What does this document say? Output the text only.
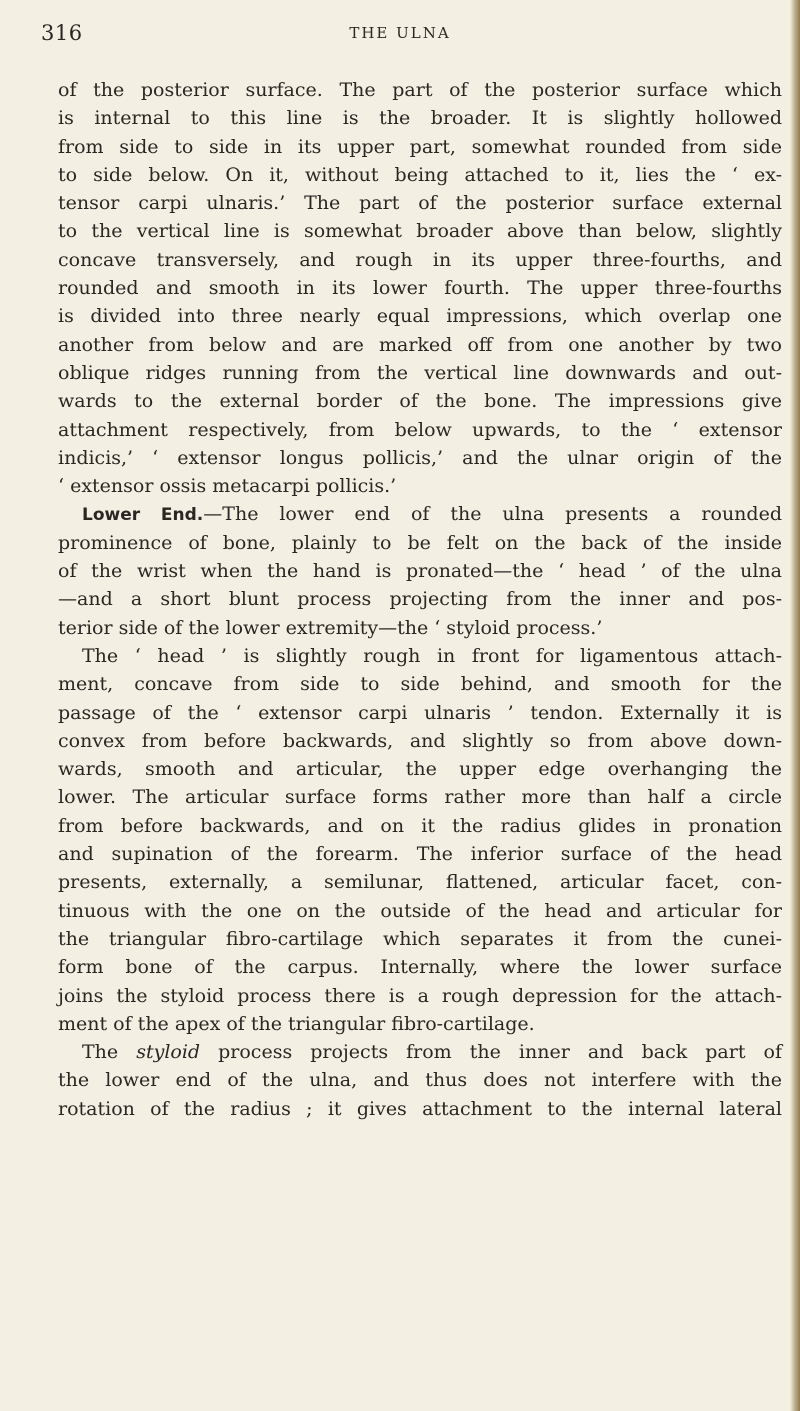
316	THE ULNA
of the posterior surface. The part of the posterior surface which
is internal to this line is the broader. It is slightly hollowed
from side to side in its upper part, somewhat rounded from side
to side below. On it, without being attached to it, lies the ‘ ex-
tensor carpi ulnaris.’ The part of the posterior surface external
to the vertical line is somewhat broader above than below, slightly
concave transversely, and rough in its upper three-fourths, and
rounded and smooth in its lower fourth. The upper three-fourths
is divided into three nearly equal impressions, which overlap one
another from below and are marked off from one another by two
oblique ridges running from the vertical line downwards and out-
wards to the external border of the bone. The impressions give
attachment respectively, from below upwards, to the ‘ extensor
indicis,’ ‘ extensor longus pollicis,’ and the ulnar origin of the
‘ extensor ossis metacarpi pollicis.’
Lower End.—The lower end of the ulna presents a rounded
prominence of bone, plainly to be felt on the back of the inside
of the wrist when the hand is pronated—the ‘ head ’ of the ulna
—and a short blunt process projecting from the inner and pos-
terior side of the lower extremity—the ‘ styloid process.’
The ‘ head ’ is slightly rough in front for ligamentous attach-
ment, concave from side to side behind, and smooth for the
passage of the ‘ extensor carpi ulnaris ’ tendon. Externally it is
convex from before backwards, and slightly so from above down-
wards, smooth and articular, the upper edge overhanging the
lower. The articular surface forms rather more than half a circle
from before backwards, and on it the radius glides in pronation
and supination of the forearm. The inferior surface of the head
presents, externally, a semilunar, flattened, articular facet, con-
tinuous with the one on the outside of the head and articular for
the triangular fibro-cartilage which separates it from the cunei-
form bone of the carpus. Internally, where the lower surface
joins the styloid process there is a rough depression for the attach-
ment of the apex of the triangular fibro-cartilage.
The styloid process projects from the inner and back part of
the lower end of the ulna, and thus does not interfere with the
rotation of the radius ; it gives attachment to the internal lateral
